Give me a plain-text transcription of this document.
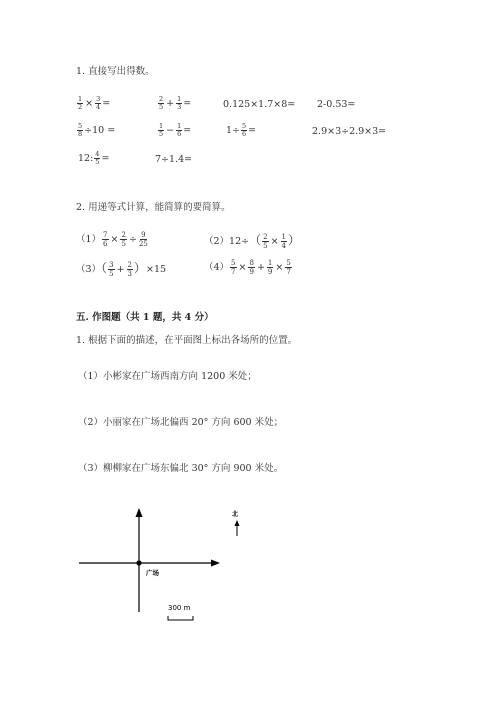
1. 直接写出得数。
$\frac{1}{2} \times \frac{3}{4}$ =	$\frac{2}{5} + \frac{1}{3}$ =	0.125×1.7×8= 2-0.53=
$\frac{5}{8} \div 10$ =	$\frac{1}{5} - \frac{1}{6}$ =	$1\div \frac{5}{6}$ =	2.9×3÷2.9×3=
12: $\frac{4}{5}$ =	7÷1.4=
2. 用递等式计算，能简算的要简算。
$(1) \frac{7}{6} \times \frac{2}{5} \div \frac{9}{25}$	$(2)12\div( \frac{2}{5} \times \frac{1}{4}$ ）
$(3)( \frac{3}{5} + \frac{2}{3} )\times 15$	$(4) \frac{5}{7} \times \frac{8}{9} + \frac{1}{9} \times \frac{5}{7}$
五. 作图题（共 1 题，共 4 分）
1. 根据下面的描述，在平面图上标出各场所的位置。
（1）小彬家在广场西南方向 1200 米处；
（2）小丽家在广场北偏西 20° 方向 600 米处；
（3）柳柳家在广场东偏北 30° 方向 900 米处。
北
广场
300 m
